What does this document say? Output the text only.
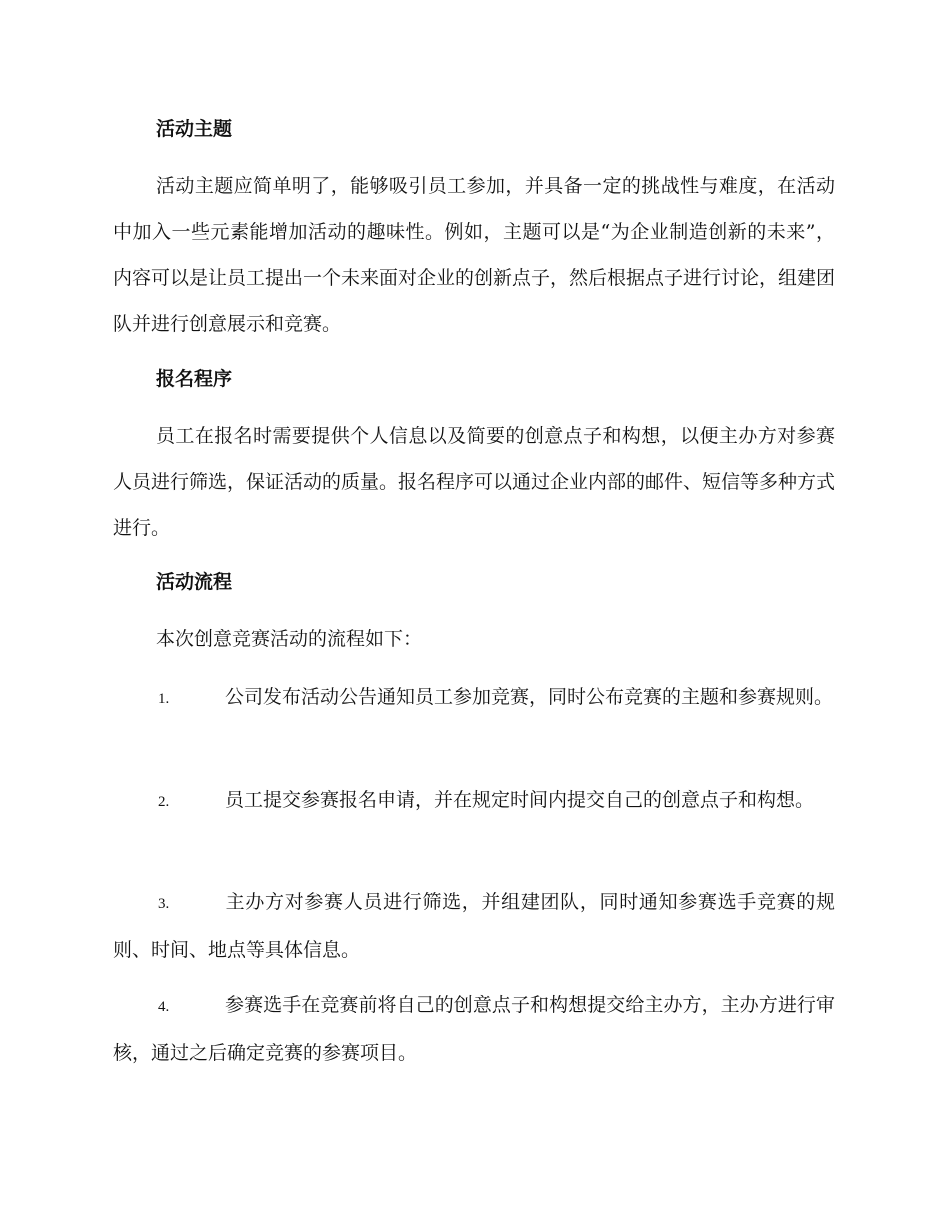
活动主题

活动主题应简单明了，能够吸引员工参加，并具备一定的挑战性与难度，在活动中加入一些元素能增加活动的趣味性。例如，主题可以是“为企业制造创新的未来”，内容可以是让员工提出一个未来面对企业的创新点子，然后根据点子进行讨论，组建团队并进行创意展示和竞赛。

报名程序

员工在报名时需要提供个人信息以及简要的创意点子和构想，以便主办方对参赛人员进行筛选，保证活动的质量。报名程序可以通过企业内部的邮件、短信等多种方式进行。

活动流程

本次创意竞赛活动的流程如下：

1.	公司发布活动公告通知员工参加竞赛，同时公布竞赛的主题和参赛规则。
2.	员工提交参赛报名申请，并在规定时间内提交自己的创意点子和构想。
3.	主办方对参赛人员进行筛选，并组建团队，同时通知参赛选手竞赛的规则、时间、地点等具体信息。
4.	参赛选手在竞赛前将自己的创意点子和构想提交给主办方，主办方进行审核，通过之后确定竞赛的参赛项目。
